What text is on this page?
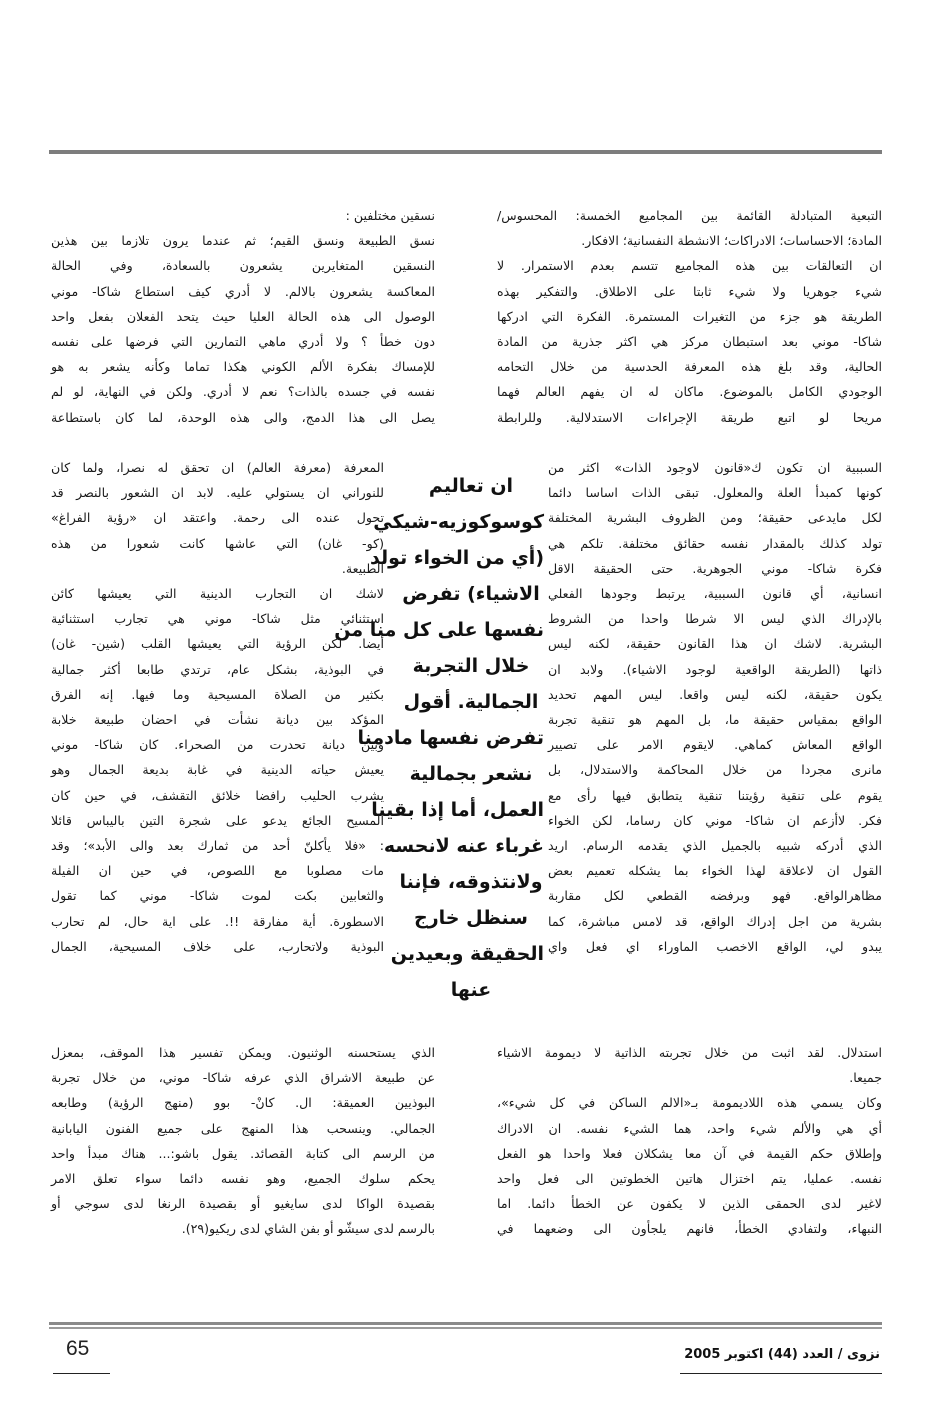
التبعية المتبادلة القائمة بين المجاميع الخمسة: المحسوس/
المادة؛ الاحساسات؛ الادراكات؛ الانشطة النفسانية؛ الافكار.
ان التعالقات بين هذه المجاميع تتسم بعدم الاستمرار. لا
شيء جوهريا ولا شيء ثابتا على الاطلاق. والتفكير بهذه
الطريقة هو جزء من التغيرات المستمرة. الفكرة التي ادركها
شاكا- موني بعد استبطان مركز هي اكثر جذرية من المادة
الحالية، وقد بلغ هذه المعرفة الحدسية من خلال التحامه
الوجودي الكامل بالموضوع. ماكان له ان يفهم العالم فهما
مريحا لو اتبع طريقة الإجراءات الاستدلالية. وللرابطة
السببية ان تكون ك«قانون لاوجود الذات» اكثر من
كونها كمبدأ العلة والمعلول. تبقى الذات اساسا دائما
لكل مايدعى حقيقة؛ ومن الظروف البشرية المختلفة
تولد كذلك بالمقدار نفسه حقائق مختلفة. تلكم هي
فكرة شاكا- موني الجوهرية. حتى الحقيقة الاقل
انسانية، أي قانون السببية، يرتبط وجودها الفعلي
بالإدراك الذي ليس الا شرطا واحدا من الشروط
البشرية. لاشك ان هذا القانون حقيقة، لكنه ليس
ذاتها (الطريقة الواقعية لوجود الاشياء). ولابد ان
يكون حقيقة، لكنه ليس واقعا. ليس المهم تحديد
الواقع بمقياس حقيقة ما، بل المهم هو تنقية تجربة
الواقع المعاش كماهي. لايقوم الامر على تصيير
مانرى مجردا من خلال المحاكمة والاستدلال، بل
يقوم على تنقية رؤيتنا تنقية يتطابق فيها رأى مع
فكر. لاأزعم ان شاكا- موني كان رساما، لكن الخواء
الذي أدركه شبيه بالجميل الذي يقدمه الرسام. اريد
القول ان لاعلاقة لهذا الخواء بما يشكله تعميم بعض
مظاهرالواقع. فهو وبرفضه القطعي لكل مقاربة
بشرية من اجل إدراك الواقع، قد لامس مباشرة، كما
يبدو لي، الواقع الاخصب الماوراء اي فعل واي
استدلال. لقد اثبت من خلال تجربته الذاتية لا ديمومة الاشياء
جميعا.
وكان يسمي هذه اللاديمومة بـ«الالم الساكن في كل شيء»،
أي هي والألم شيء واحد، هما الشيء نفسه. ان الادراك
وإطلاق حكم القيمة في آن معا يشكلان فعلا واحدا هو الفعل
نفسه. عمليا، يتم اختزال هاتين الخطوتين الى فعل واحد
لاغير لدى الحمقى الذين لا يكفون عن الخطأ دائما. اما
النبهاء، ولتفادي الخطأ، فانهم يلجأون الى وضعهما في
ان تعاليم
كوسوكوزيه-شيكي
(أي من الخواء تولد
الاشياء) تفرض
نفسها على كل منا من
خلال التجربة
الجمالية. أقول
تفرض نفسها مادمنا
نشعر بجمالية
العمل، أما إذا بقينا
غرباء عنه لانحسه
ولانتذوقه، فإننا
سنظل خارج
الحقيقة وبعيدين
عنها
نسقين مختلفين :
نسق الطبيعة ونسق القيم؛ ثم عندما يرون تلازما بين هذين
النسقين المتغايرين يشعرون بالسعادة، وفي الحالة
المعاكسة يشعرون بالالم. لا أدري كيف استطاع شاكا- موني
الوصول الى هذه الحالة العليا حيث يتحد الفعلان بفعل واحد
دون خطأ ؟ ولا أدري ماهي التمارين التي فرضها على نفسه
للإمساك بفكرة الألم الكوني هكذا تماما وكأنه يشعر به هو
نفسه في جسده بالذات؟ نعم لا أدري. ولكن في النهاية، لو لم
يصل الى هذا الدمج، والى هذه الوحدة، لما كان باستطاعة
المعرفة (معرفة العالم) ان تحقق له نصرا، ولما كان
للنوراني ان يستولي عليه. لابد ان الشعور بالنصر قد
تحول عنده الى رحمة. واعتقد ان «رؤية الفراغ»
(كو- غان) التي عاشها كانت شعورا من هذه
الطبيعة.
لاشك ان التجارب الدينية التي يعيشها كائن
استثنائي مثل شاكا- موني هي تجارب استثنائية
أيضا. لكن الرؤية التي يعيشها القلب (شين- غان)
في البوذية، بشكل عام، ترتدي طابعا أكثر جمالية
بكثير من الصلاة المسيحية وما فيها. إنه الفرق
المؤكد بين ديانة نشأت في احضان طبيعة خلابة
وبين ديانة تحدرت من الصحراء. كان شاكا- موني
يعيش حياته الدينية في غابة بديعة الجمال وهو
يشرب الحليب رافضا خلائق التقشف، في حين كان
المسيح الجائع يدعو على شجرة التين باليباس قائلا
: «فلا يأكلنّ أحد من ثمارك بعد والى الأبد»؛ وقد
مات مصلوبا مع اللصوص، في حين ان الفيلة
والثعابين بكت لموت شاكا- موني كما تقول
الاسطورة. أية مفارقة !!. على اية حال، لم تحارب
البوذية ولاتحارب، على خلاف المسيحية، الجمال
الذي يستحسنه الوثنيون. ويمكن تفسير هذا الموقف، بمعزل
عن طبيعة الاشراق الذي عرفه شاكا- موني، من خلال تجربة
البوذيين العميقة: ال. كانْ- بوو (منهج الرؤية) وطابعه
الجمالي. وينسحب هذا المنهج على جميع الفنون اليابانية
من الرسم الى كتابة القصائد. يقول باشو:... هناك مبدأ واحد
يحكم سلوك الجميع، وهو نفسه دائما سواء تعلق الامر
بقصيدة الواكا لدى سايغيو أو بقصيدة الرنغا لدى سوجي أو
بالرسم لدى سيشّو أو بفن الشاي لدى ريكيو(٢٩).
65	نزوى / العدد (44) اكتوبر 2005
